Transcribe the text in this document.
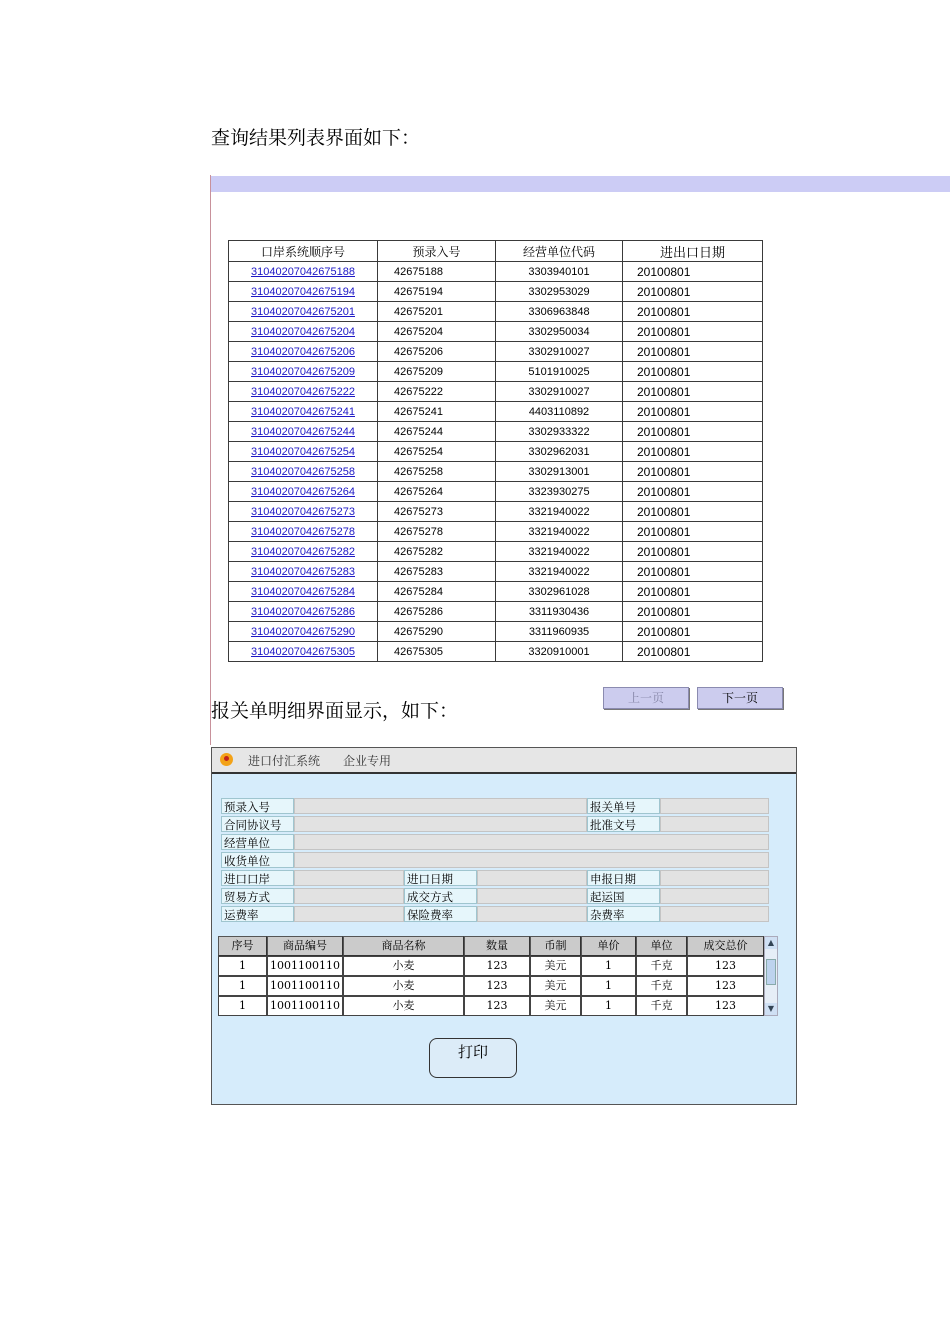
查询结果列表界面如下：
口岸系统顺序号	预录入号	经营单位代码	进出口日期
31040207042675188	42675188	3303940101	20100801
31040207042675194	42675194	3302953029	20100801
31040207042675201	42675201	3306963848	20100801
31040207042675204	42675204	3302950034	20100801
31040207042675206	42675206	3302910027	20100801
31040207042675209	42675209	5101910025	20100801
31040207042675222	42675222	3302910027	20100801
31040207042675241	42675241	4403110892	20100801
31040207042675244	42675244	3302933322	20100801
31040207042675254	42675254	3302962031	20100801
31040207042675258	42675258	3302913001	20100801
31040207042675264	42675264	3323930275	20100801
31040207042675273	42675273	3321940022	20100801
31040207042675278	42675278	3321940022	20100801
31040207042675282	42675282	3321940022	20100801
31040207042675283	42675283	3321940022	20100801
31040207042675284	42675284	3302961028	20100801
31040207042675286	42675286	3311930436	20100801
31040207042675290	42675290	3311960935	20100801
31040207042675305	42675305	3320910001	20100801
上一页	下一页
报关单明细界面显示，如下：
进口付汇系统 企业专用
预录入号	报关单号
合同协议号	批准文号
经营单位
收货单位
进口口岸	进口日期	申报日期
贸易方式	成交方式	起运国
运费率	保险费率	杂费率
序号	商品编号	商品名称	数量	币制	单价	单位	成交总价
1	1001100110	小麦	123	美元	1	千克	123
1	1001100110	小麦	123	美元	1	千克	123
1	1001100110	小麦	123	美元	1	千克	123
▲
▼
打印
